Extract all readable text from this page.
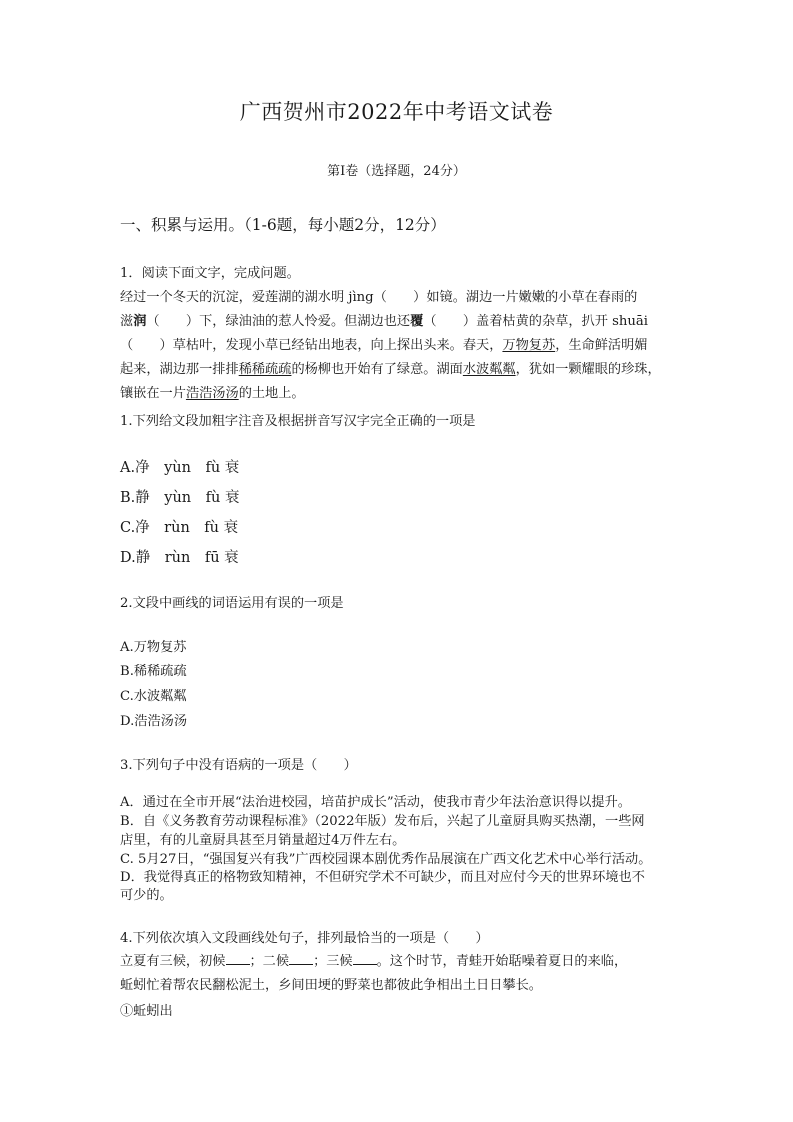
广西贺州市2022年中考语文试卷
第Ⅰ卷（选择题，24分）
一、积累与运用。（1-6题，每小题2分，12分）
1．阅读下面文字，完成问题。
经过一个冬天的沉淀，爱莲湖的湖水明 jìng（　　）如镜。湖边一片嫩嫩的小草在春雨的
滋润（　　）下，绿油油的惹人怜爱。但湖边也还覆（　　）盖着枯黄的杂草，扒开 shuāi
（　　）草枯叶，发现小草已经钻出地表，向上探出头来。春天，万物复苏，生命鲜活明媚
起来，湖边那一排排稀稀疏疏的杨柳也开始有了绿意。湖面水波粼粼，犹如一颗耀眼的珍珠，
镶嵌在一片浩浩汤汤的土地上。
1.下列给文段加粗字注音及根据拼音写汉字完全正确的一项是
A.净　yùn　fù 衰
B.静　yùn　fù 衰
C.净　rùn　fù 衰
D.静　rùn　fū 衰
2.文段中画线的词语运用有误的一项是
A.万物复苏
B.稀稀疏疏
C.水波粼粼
D.浩浩汤汤
3.下列句子中没有语病的一项是（　　）
A．通过在全市开展“法治进校园，培苗护成长”活动，使我市青少年法治意识得以提升。
B．自《义务教育劳动课程标准》（2022年版）发布后，兴起了儿童厨具购买热潮，一些网
店里，有的儿童厨具甚至月销量超过4万件左右。
C. 5月27日，“强国复兴有我”广西校园课本剧优秀作品展演在广西文化艺术中心举行活动。
D．我觉得真正的格物致知精神，不但研究学术不可缺少，而且对应付今天的世界环境也不
可少的。
4.下列依次填入文段画线处句子，排列最恰当的一项是（　　）
立夏有三候，初候 ；二候 ；三候 。这个时节，青蛙开始聒噪着夏日的来临，
蚯蚓忙着帮农民翻松泥土，乡间田埂的野菜也都彼此争相出土日日攀长。
①蚯蚓出
